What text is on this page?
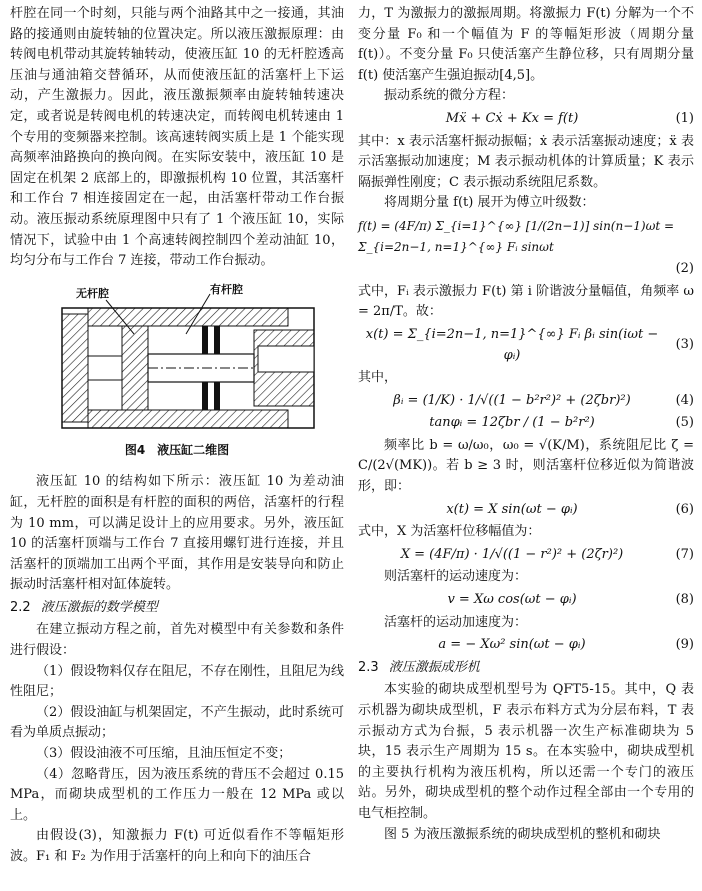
杆腔在同一个时刻，只能与两个油路其中之一接通，其油路的接通则由旋转轴的位置决定。所以液压激振原理：由转阀电机带动其旋转轴转动，使液压缸 10 的无杆腔透高压油与通油箱交替循环，从而使液压缸的活塞杆上下运动，产生激振力。因此，液压激振频率由旋转轴转速决定，或者说是转阀电机的转速决定，而转阀电机转速由 1 个专用的变频器来控制。该高速转阀实质上是 1 个能实现高频率油路换向的换向阀。在实际安装中，液压缸 10 是固定在机架 2 底部上的，即激振机构 10 位置，其活塞杆和工作台 7 相连接固定在一起，由活塞杆带动工作台振动。液压振动系统原理图中只有了 1 个液压缸 10，实际情况下，试验中由 1 个高速转阀控制四个差动油缸 10，均匀分布与工作台 7 连接，带动工作台振动。

无杆腔	有杆腔
图4　液压缸二维图

液压缸 10 的结构如下所示：液压缸 10 为差动油缸，无杆腔的面积是有杆腔的面积的两倍，活塞杆的行程为 10 mm，可以满足设计上的应用要求。另外，液压缸 10 的活塞杆顶端与工作台 7 直接用螺钉进行连接，并且活塞杆的顶端加工出两个平面，其作用是安装导向和防止振动时活塞杆相对缸体旋转。

2.2 液压激振的数学模型

在建立振动方程之前，首先对模型中有关参数和条件进行假设：

（1）假设物料仅存在阻尼，不存在刚性，且阻尼为线性阻尼；

（2）假设油缸与机架固定，不产生振动，此时系统可看为单质点振动；

（3）假设油液不可压缩，且油压恒定不变；

（4）忽略背压，因为液压系统的背压不会超过 0.15 MPa，而砌块成型机的工作压力一般在 12 MPa 或以上。

由假设(3)，知激振力 F(t) 可近似看作不等幅矩形波。F₁ 和 F₂ 为作用于活塞杆的向上和向下的油压合

力，T 为激振力的激振周期。将激振力 F(t) 分解为一个不变分量 F₀ 和一个幅值为 F 的等幅矩形波（周期分量 f(t)）。不变分量 F₀ 只使活塞产生静位移，只有周期分量 f(t) 使活塞产生强迫振动[4,5]。

振动系统的微分方程：

Mẍ + Cẋ + Kx = f(t)	(1)

其中：x 表示活塞杆振动振幅；ẋ 表示活塞振动速度；ẍ 表示活塞振动加速度；M 表示振动机体的计算质量；K 表示隔振弹性刚度；C 表示振动系统阻尼系数。

将周期分量 f(t) 展开为傅立叶级数：

f(t) = (4F/π) Σ_{i=1}^{∞} [1/(2n−1)] sin(n−1)ωt = Σ_{i=2n−1, n=1}^{∞} Fᵢ sinωt
(2)

式中，Fᵢ 表示激振力 F(t) 第 i 阶谐波分量幅值，角频率 ω = 2π/T。故：

x(t) = Σ_{i=2n−1, n=1}^{∞} Fᵢ βᵢ sin(iωt − φᵢ)
(3)

其中，

βᵢ = (1/K) · 1/√((1 − b²r²)² + (2ζbr)²)	(4)
tanφᵢ = 12ζbr / (1 − b²r²)	(5)

频率比 b = ω/ω₀，ω₀ = √(K/M)，系统阻尼比 ζ = C/(2√(MK))。若 b ≥ 3 时，则活塞杆位移近似为简谐波形，即：

x(t) = X sin(ωt − φᵢ)	(6)

式中，X 为活塞杆位移幅值为：

X = (4F/π) · 1/√((1 − r²)² + (2ζr)²)	(7)

则活塞杆的运动速度为：

v = Xω cos(ωt − φᵢ)	(8)

活塞杆的运动加速度为：

a = − Xω² sin(ωt − φᵢ)	(9)
2.3 液压激振成形机

本实验的砌块成型机型号为 QFT5-15。其中，Q 表示机器为砌块成型机，F 表示布料方式为分层布料，T 表示振动方式为台振，5 表示机器一次生产标准砌块为 5 块，15 表示生产周期为 15 s。在本实验中，砌块成型机的主要执行机构为液压机构，所以还需一个专门的液压站。另外，砌块成型机的整个动作过程全部由一个专用的电气柜控制。

图 5 为液压激振系统的砌块成型机的整机和砌块
